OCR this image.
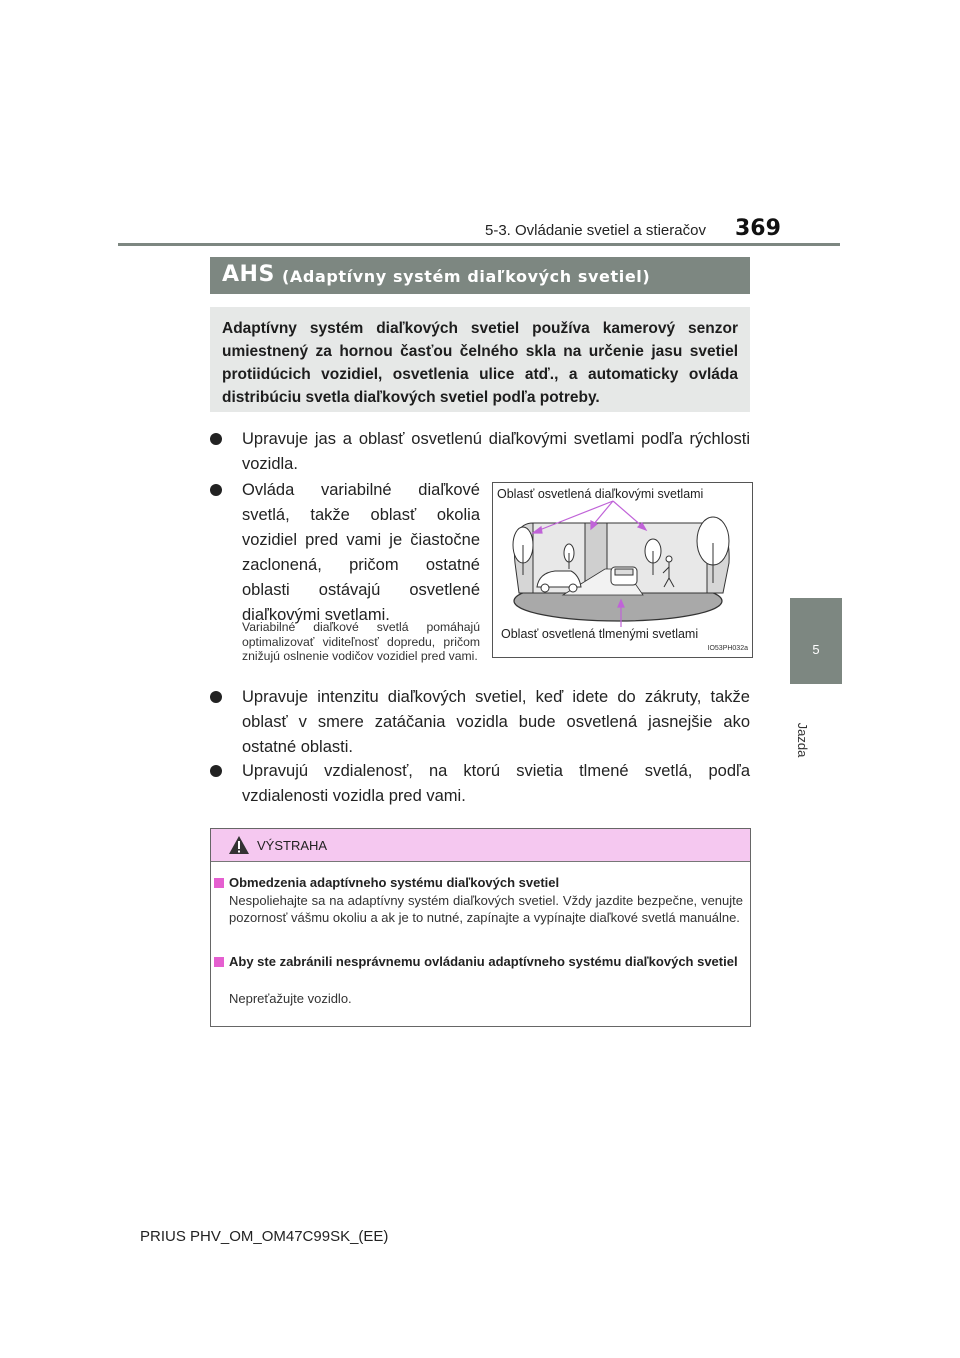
5-3. Ovládanie svetiel a stieračov 369
5
Jazda
AHS (Adaptívny systém diaľkových svetiel)
Adaptívny systém diaľkových svetiel používa kamerový senzor umiestnený za hornou časťou čelného skla na určenie jasu svetiel protiidúcich vozidiel, osvetlenia ulice atď., a automaticky ovláda distribúciu svetla diaľkových svetiel podľa potreby.
Upravuje jas a oblasť osvetlenú diaľkovými svetlami podľa rýchlosti vozidla.
Ovláda variabilné diaľkové svetlá, takže oblasť okolia vozidiel pred vami je čiastočne zaclonená, pričom ostatné oblasti ostávajú osvetlené diaľkovými svetlami.
Variabilné diaľkové svetlá pomáhajú optimalizovať viditeľnosť dopredu, pričom znižujú oslnenie vodičov vozidiel pred vami.
Upravuje intenzitu diaľkových svetiel, keď idete do zákruty, takže oblasť v smere zatáčania vozidla bude osvetlená jasnejšie ako ostatné oblasti.
Upravujú vzdialenosť, na ktorú svietia tlmené svetlá, podľa vzdialenosti vozidla pred vami.
Oblasť osvetlená diaľkovými svetlami
Oblasť osvetlená tlmenými svetlami
IO53PH032a
VÝSTRAHA
Obmedzenia adaptívneho systému diaľkových svetiel
Nespoliehajte sa na adaptívny systém diaľkových svetiel. Vždy jazdite bezpečne, venujte pozornosť vášmu okoliu a ak je to nutné, zapínajte a vypínajte diaľkové svetlá manuálne.
Aby ste zabránili nesprávnemu ovládaniu adaptívneho systému diaľkových svetiel
Nepreťažujte vozidlo.
PRIUS PHV_OM_OM47C99SK_(EE)
